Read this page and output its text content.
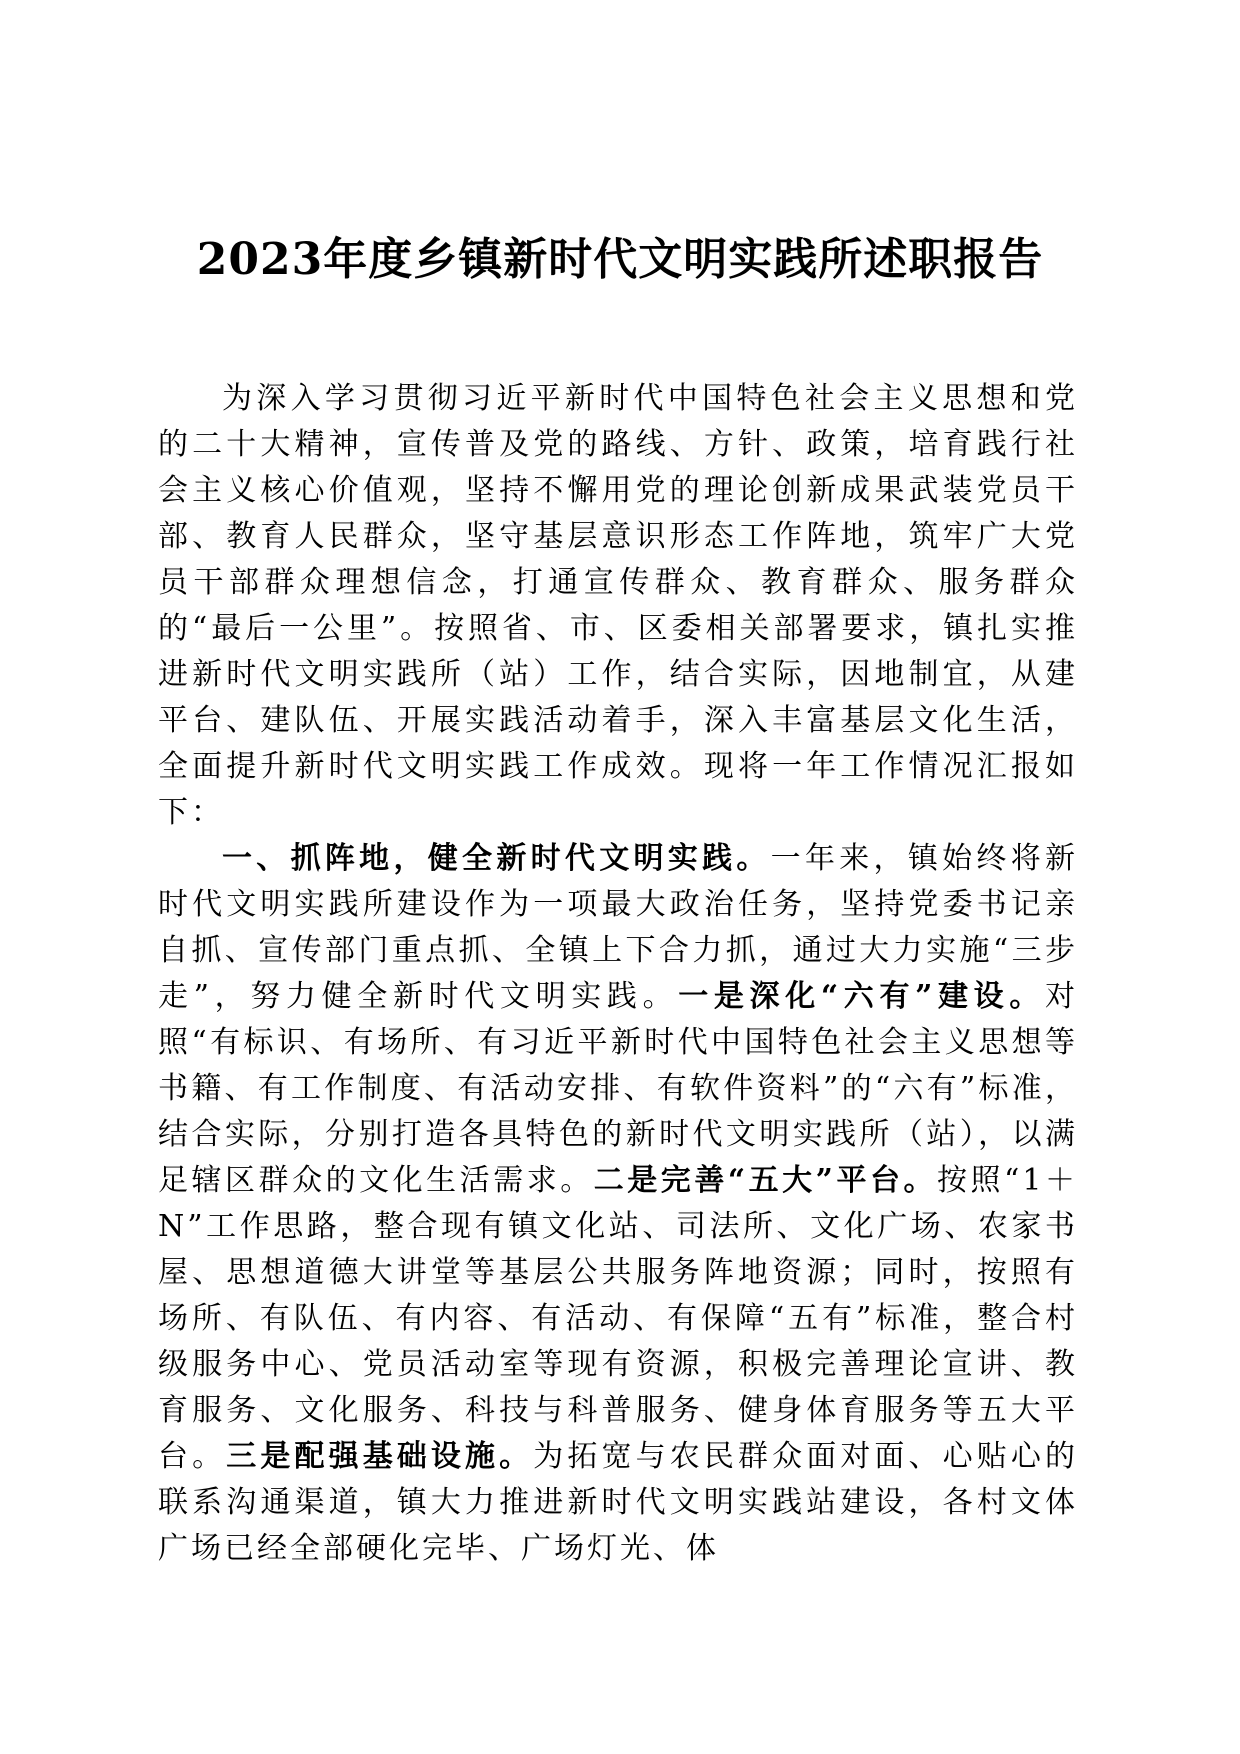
2023年度乡镇新时代文明实践所述职报告

为深入学习贯彻习近平新时代中国特色社会主义思想和党的二十大精神，宣传普及党的路线、方针、政策，培育践行社会主义核心价值观，坚持不懈用党的理论创新成果武装党员干部、教育人民群众，坚守基层意识形态工作阵地，筑牢广大党员干部群众理想信念，打通宣传群众、教育群众、服务群众的“最后一公里”。按照省、市、区委相关部署要求，镇扎实推进新时代文明实践所（站）工作，结合实际，因地制宜，从建平台、建队伍、开展实践活动着手，深入丰富基层文化生活，全面提升新时代文明实践工作成效。现将一年工作情况汇报如下：

一、抓阵地，健全新时代文明实践。一年来，镇始终将新时代文明实践所建设作为一项最大政治任务，坚持党委书记亲自抓、宣传部门重点抓、全镇上下合力抓，通过大力实施“三步走”，努力健全新时代文明实践。一是深化“六有”建设。对照“有标识、有场所、有习近平新时代中国特色社会主义思想等书籍、有工作制度、有活动安排、有软件资料”的“六有”标准，结合实际，分别打造各具特色的新时代文明实践所（站），以满足辖区群众的文化生活需求。二是完善“五大”平台。按照“1＋N”工作思路，整合现有镇文化站、司法所、文化广场、农家书屋、思想道德大讲堂等基层公共服务阵地资源；同时，按照有场所、有队伍、有内容、有活动、有保障“五有”标准，整合村级服务中心、党员活动室等现有资源，积极完善理论宣讲、教育服务、文化服务、科技与科普服务、健身体育服务等五大平台。三是配强基础设施。为拓宽与农民群众面对面、心贴心的联系沟通渠道，镇大力推进新时代文明实践站建设，各村文体广场已经全部硬化完毕、广场灯光、体
